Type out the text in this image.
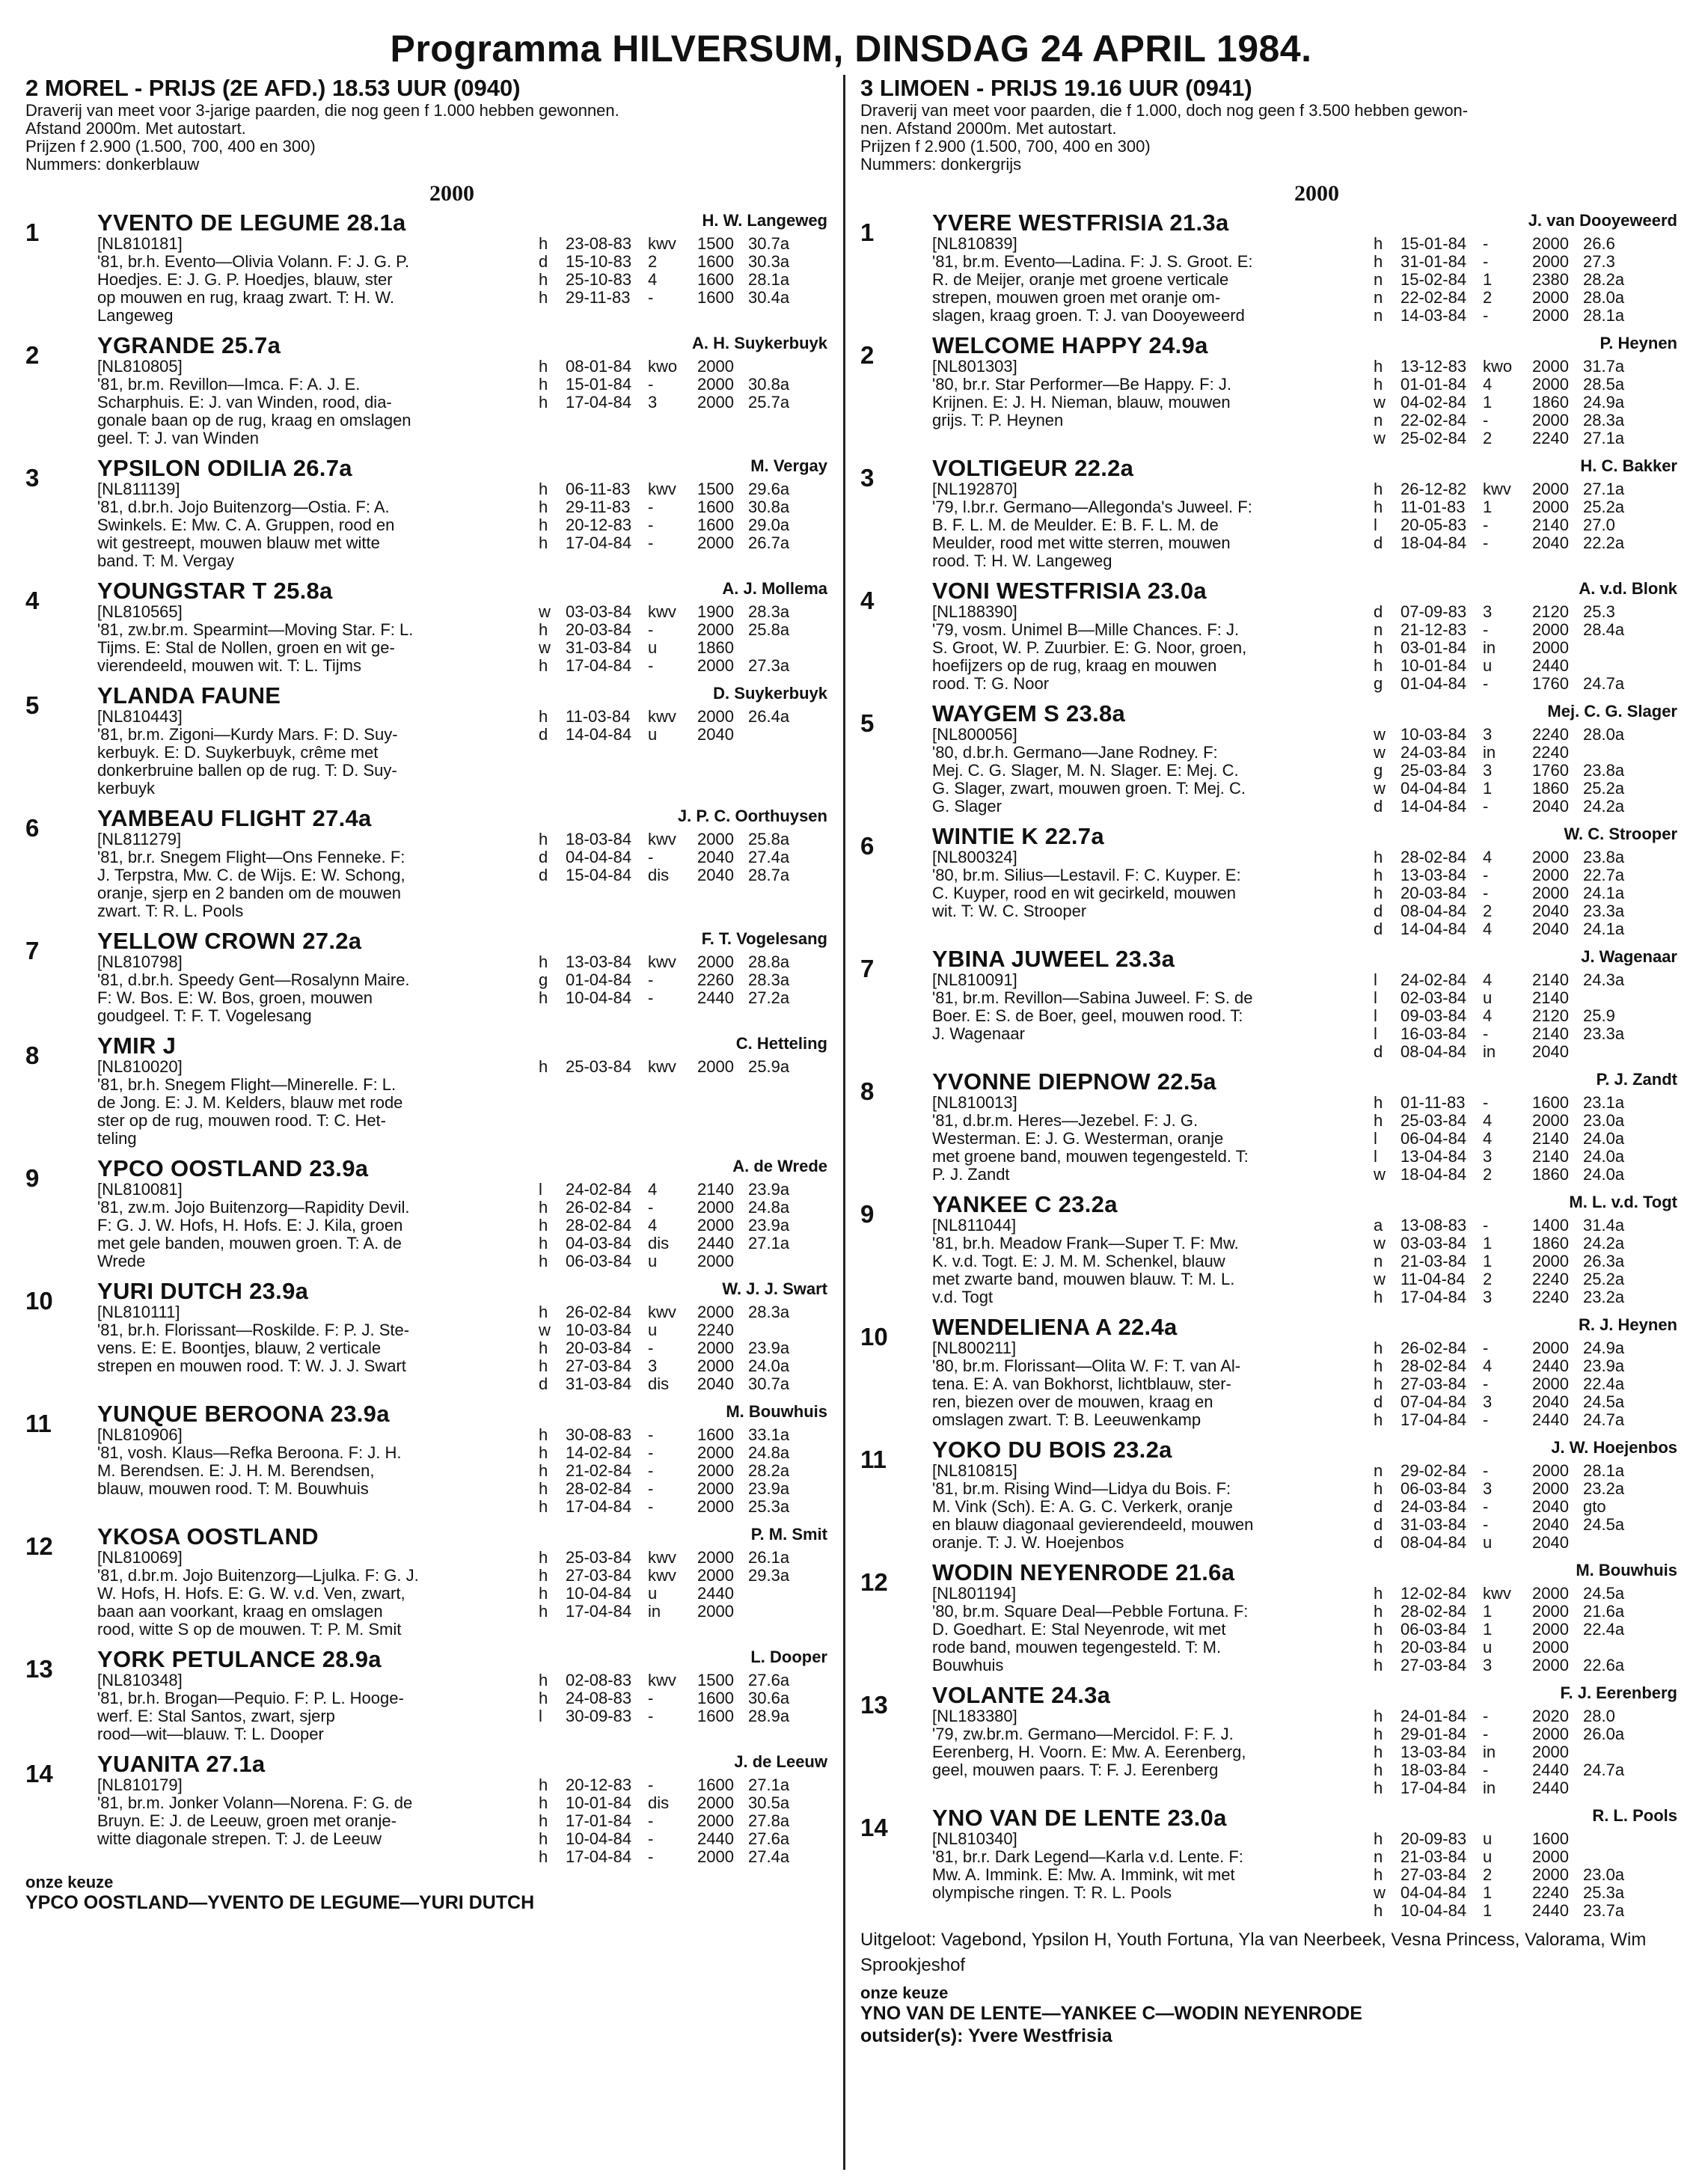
Programma HILVERSUM, DINSDAG 24 APRIL 1984.
2 MOREL - PRIJS (2E AFD.) 18.53 UUR (0940)
Draverij van meet voor 3-jarige paarden, die nog geen f 1.000 hebben gewonnen.
Afstand 2000m. Met autostart.
Prijzen f 2.900 (1.500, 700, 400 en 300)
Nummers: donkerblauw
2000
1	YVENTO DE LEGUME 28.1a	H. W. Langeweg
[NL810181]
'81, br.h. Evento—Olivia Volann. F: J. G. P.
Hoedjes. E: J. G. P. Hoedjes, blauw, ster
op mouwen en rug, kraag zwart. T: H. W.
Langeweg
h	23-08-83 kwv	1500 30.7a
d	15-10-83 2	1600 30.3a
h	25-10-83 4	1600 28.1a
h	29-11-83	-	1600 30.4a
2	YGRANDE 25.7a	A. H. Suykerbuyk
[NL810805]
'81, br.m. Revillon—Imca. F: A. J. E.
Scharphuis. E: J. van Winden, rood, dia-
gonale baan op de rug, kraag en omslagen
geel. T: J. van Winden
h	08-01-84 kwo	2000
h	15-01-84 -	2000 30.8a
h	17-04-84 3	2000 25.7a
3	YPSILON ODILIA 26.7a	M. Vergay
[NL811139]
'81, d.br.h. Jojo Buitenzorg—Ostia. F: A.
Swinkels. E: Mw. C. A. Gruppen, rood en
wit gestreept, mouwen blauw met witte
band. T: M. Vergay
h	06-11-83	kwv	1500 29.6a
h	29-11-83	-	1600 30.8a
h	20-12-83 -	1600 29.0a
h	17-04-84 -	2000 26.7a
4	YOUNGSTAR T 25.8a	A. J. Mollema
[NL810565]
'81, zw.br.m. Spearmint—Moving Star. F: L.
Tijms. E: Stal de Nollen, groen en wit ge-
vierendeeld, mouwen wit. T: L. Tijms
w 03-03-84 kwv	1900 28.3a
h	20-03-84 -	2000 25.8a
w 31-03-84 u	1860
h	17-04-84 -	2000 27.3a
5	YLANDA FAUNE	D. Suykerbuyk
[NL810443]
'81, br.m. Zigoni—Kurdy Mars. F: D. Suy-
kerbuyk. E: D. Suykerbuyk, crême met
donkerbruine ballen op de rug. T: D. Suy-
kerbuyk
h	11-03-84	kwv	2000 26.4a
d	14-04-84 u	2040
6	YAMBEAU FLIGHT 27.4a	J. P. C. Oorthuysen
[NL811279]
'81, br.r. Snegem Flight—Ons Fenneke. F:
J. Terpstra, Mw. C. de Wijs. E: W. Schong,
oranje, sjerp en 2 banden om de mouwen
zwart. T: R. L. Pools
h	18-03-84 kwv	2000 25.8a
d	04-04-84 -	2040 27.4a
d	15-04-84 dis	2040 28.7a
7	YELLOW CROWN 27.2a	F. T. Vogelesang
[NL810798]
'81, d.br.h. Speedy Gent—Rosalynn Maire.
F: W. Bos. E: W. Bos, groen, mouwen
goudgeel. T: F. T. Vogelesang
h	13-03-84 kwv	2000 28.8a
g	01-04-84 -	2260 28.3a
h	10-04-84 -	2440 27.2a
8	YMIR J	C. Hetteling
[NL810020]
'81, br.h. Snegem Flight—Minerelle. F: L.
de Jong. E: J. M. Kelders, blauw met rode
ster op de rug, mouwen rood. T: C. Het-
teling
h	25-03-84 kwv	2000 25.9a
9	YPCO OOSTLAND 23.9a	A. de Wrede
[NL810081]
'81, zw.m. Jojo Buitenzorg—Rapidity Devil.
F: G. J. W. Hofs, H. Hofs. E: J. Kila, groen
met gele banden, mouwen groen. T: A. de
Wrede
l	24-02-84 4	2140 23.9a
h	26-02-84 -	2000 24.8a
h	28-02-84 4	2000 23.9a
h	04-03-84 dis	2440 27.1a
h	06-03-84 u	2000
10	YURI DUTCH 23.9a	W. J. J. Swart
[NL810111]
'81, br.h. Florissant—Roskilde. F: P. J. Ste-
vens. E: E. Boontjes, blauw, 2 verticale
strepen en mouwen rood. T: W. J. J. Swart
h	26-02-84 kwv	2000 28.3a
w 10-03-84 u	2240
h	20-03-84 -	2000 23.9a
h	27-03-84 3	2000 24.0a
d	31-03-84 dis	2040 30.7a
11	YUNQUE BEROONA 23.9a	M. Bouwhuis
[NL810906]
'81, vosh. Klaus—Refka Beroona. F: J. H.
M. Berendsen. E: J. H. M. Berendsen,
blauw, mouwen rood. T: M. Bouwhuis
h	30-08-83 -	1600 33.1a
h	14-02-84 -	2000 24.8a
h	21-02-84 -	2000 28.2a
h	28-02-84 -	2000 23.9a
h	17-04-84 -	2000 25.3a
12	YKOSA OOSTLAND	P. M. Smit
[NL810069]
'81, d.br.m. Jojo Buitenzorg—Ljulka. F: G. J.
W. Hofs, H. Hofs. E: G. W. v.d. Ven, zwart,
baan aan voorkant, kraag en omslagen
rood, witte S op de mouwen. T: P. M. Smit
h	25-03-84 kwv	2000 26.1a
h	27-03-84 kwv	2000 29.3a
h	10-04-84 u	2440
h	17-04-84 in	2000
13	YORK PETULANCE 28.9a	L. Dooper
[NL810348]
'81, br.h. Brogan—Pequio. F: P. L. Hooge-
werf. E: Stal Santos, zwart, sjerp
rood—wit—blauw. T: L. Dooper
h	02-08-83 kwv	1500 27.6a
h	24-08-83 -	1600 30.6a
l	30-09-83 -	1600 28.9a
14	YUANITA 27.1a	J. de Leeuw
[NL810179]
'81, br.m. Jonker Volann—Norena. F: G. de
Bruyn. E: J. de Leeuw, groen met oranje-
witte diagonale strepen. T: J. de Leeuw
h	20-12-83 -	1600 27.1a
h	10-01-84 dis	2000 30.5a
h	17-01-84 -	2000 27.8a
h	10-04-84 -	2440 27.6a
h	17-04-84 -	2000 27.4a
onze keuze
YPCO OOSTLAND—YVENTO DE LEGUME—YURI DUTCH
3 LIMOEN - PRIJS 19.16 UUR (0941)
Draverij van meet voor paarden, die f 1.000, doch nog geen f 3.500 hebben gewon-
nen. Afstand 2000m. Met autostart.
Prijzen f 2.900 (1.500, 700, 400 en 300)
Nummers: donkergrijs
2000
1	YVERE WESTFRISIA 21.3a	J. van Dooyeweerd
[NL810839]
'81, br.m. Evento—Ladina. F: J. S. Groot. E:
R. de Meijer, oranje met groene verticale
strepen, mouwen groen met oranje om-
slagen, kraag groen. T: J. van Dooyeweerd
h	15-01-84 -	2000 26.6
h	31-01-84 -	2000 27.3
n	15-02-84 1	2380 28.2a
n	22-02-84 2	2000 28.0a
n	14-03-84 -	2000 28.1a
2	WELCOME HAPPY 24.9a	P. Heynen
[NL801303]
'80, br.r. Star Performer—Be Happy. F: J.
Krijnen. E: J. H. Nieman, blauw, mouwen
grijs. T: P. Heynen
h	13-12-83 kwo	2000 31.7a
h	01-01-84 4	2000 28.5a
w 04-02-84 1	1860 24.9a
n	22-02-84 -	2000 28.3a
w 25-02-84 2	2240 27.1a
3	VOLTIGEUR 22.2a	H. C. Bakker
[NL192870]
'79, l.br.r. Germano—Allegonda's Juweel. F:
B. F. L. M. de Meulder. E: B. F. L. M. de
Meulder, rood met witte sterren, mouwen
rood. T: H. W. Langeweg
h	26-12-82 kwv	2000 27.1a
h	11-01-83	1	2000 25.2a
l	20-05-83 -	2140 27.0
d	18-04-84 -	2040 22.2a
4	VONI WESTFRISIA 23.0a	A. v.d. Blonk
[NL188390]
'79, vosm. Unimel B—Mille Chances. F: J.
S. Groot, W. P. Zuurbier. E: G. Noor, groen,
hoefijzers op de rug, kraag en mouwen
rood. T: G. Noor
d	07-09-83 3	2120 25.3
n	21-12-83 -	2000 28.4a
h	03-01-84 in	2000
h	10-01-84 u	2440
g	01-04-84 -	1760 24.7a
5	WAYGEM S 23.8a	Mej. C. G. Slager
[NL800056]
'80, d.br.h. Germano—Jane Rodney. F:
Mej. C. G. Slager, M. N. Slager. E: Mej. C.
G. Slager, zwart, mouwen groen. T: Mej. C.
G. Slager
w 10-03-84 3	2240 28.0a
w 24-03-84 in	2240
g	25-03-84 3	1760 23.8a
w 04-04-84 1	1860 25.2a
d	14-04-84 -	2040 24.2a
6	WINTIE K 22.7a	W. C. Strooper
[NL800324]
'80, br.m. Silius—Lestavil. F: C. Kuyper. E:
C. Kuyper, rood en wit gecirkeld, mouwen
wit. T: W. C. Strooper
h	28-02-84 4	2000 23.8a
h	13-03-84 -	2000 22.7a
h	20-03-84 -	2000 24.1a
d	08-04-84 2	2040 23.3a
d	14-04-84 4	2040 24.1a
7	YBINA JUWEEL 23.3a	J. Wagenaar
[NL810091]
'81, br.m. Revillon—Sabina Juweel. F: S. de
Boer. E: S. de Boer, geel, mouwen rood. T:
J. Wagenaar
l	24-02-84 4	2140 24.3a
l	02-03-84 u	2140
l	09-03-84 4	2120 25.9
l	16-03-84 -	2140 23.3a
d	08-04-84 in	2040
8	YVONNE DIEPNOW 22.5a	P. J. Zandt
[NL810013]
'81, d.br.m. Heres—Jezebel. F: J. G.
Westerman. E: J. G. Westerman, oranje
met groene band, mouwen tegengesteld. T:
P. J. Zandt
h	01-11-83	-	1600 23.1a
h	25-03-84 4	2000 23.0a
l	06-04-84 4	2140 24.0a
l	13-04-84 3	2140 24.0a
w 18-04-84 2	1860 24.0a
9	YANKEE C 23.2a	M. L. v.d. Togt
[NL811044]
'81, br.h. Meadow Frank—Super T. F: Mw.
K. v.d. Togt. E: J. M. M. Schenkel, blauw
met zwarte band, mouwen blauw. T: M. L.
v.d. Togt
a	13-08-83 -	1400 31.4a
w 03-03-84 1	1860 24.2a
n	21-03-84 1	2000 26.3a
w 11-04-84	2	2240 25.2a
h	17-04-84 3	2240 23.2a
10	WENDELIENA A 22.4a	R. J. Heynen
[NL800211]
'80, br.m. Florissant—Olita W. F: T. van Al-
tena. E: A. van Bokhorst, lichtblauw, ster-
ren, biezen over de mouwen, kraag en
omslagen zwart. T: B. Leeuwenkamp
h	26-02-84 -	2000 24.9a
h	28-02-84 4	2440 23.9a
h	27-03-84 -	2000 22.4a
d	07-04-84 3	2040 24.5a
h	17-04-84 -	2440 24.7a
11	YOKO DU BOIS 23.2a	J. W. Hoejenbos
[NL810815]
'81, br.m. Rising Wind—Lidya du Bois. F:
M. Vink (Sch). E: A. G. C. Verkerk, oranje
en blauw diagonaal gevierendeeld, mouwen
oranje. T: J. W. Hoejenbos
n	29-02-84 -	2000 28.1a
h	06-03-84 3	2000 23.2a
d	24-03-84 -	2040 gto
d	31-03-84 -	2040 24.5a
d	08-04-84 u	2040
12	WODIN NEYENRODE 21.6a	M. Bouwhuis
[NL801194]
'80, br.m. Square Deal—Pebble Fortuna. F:
D. Goedhart. E: Stal Neyenrode, wit met
rode band, mouwen tegengesteld. T: M.
Bouwhuis
h	12-02-84 kwv	2000 24.5a
h	28-02-84 1	2000 21.6a
h	06-03-84 1	2000 22.4a
h	20-03-84 u	2000
h	27-03-84 3	2000 22.6a
13	VOLANTE 24.3a	F. J. Eerenberg
[NL183380]
'79, zw.br.m. Germano—Mercidol. F: F. J.
Eerenberg, H. Voorn. E: Mw. A. Eerenberg,
geel, mouwen paars. T: F. J. Eerenberg
h	24-01-84 -	2020 28.0
h	29-01-84 -	2000 26.0a
h	13-03-84 in	2000
h	18-03-84 -	2440 24.7a
h	17-04-84 in	2440
14	YNO VAN DE LENTE 23.0a	R. L. Pools
[NL810340]
'81, br.r. Dark Legend—Karla v.d. Lente. F:
Mw. A. Immink. E: Mw. A. Immink, wit met
olympische ringen. T: R. L. Pools
h	20-09-83 u	1600
n	21-03-84 u	2000
h	27-03-84 2	2000 23.0a
w 04-04-84 1	2240 25.3a
h	10-04-84 1	2440 23.7a
Uitgeloot: Vagebond, Ypsilon H, Youth Fortuna, Yla van Neerbeek, Vesna Princess, Valorama, Wim Sprookjeshof
onze keuze
YNO VAN DE LENTE—YANKEE C—WODIN NEYENRODE
outsider(s): Yvere Westfrisia
